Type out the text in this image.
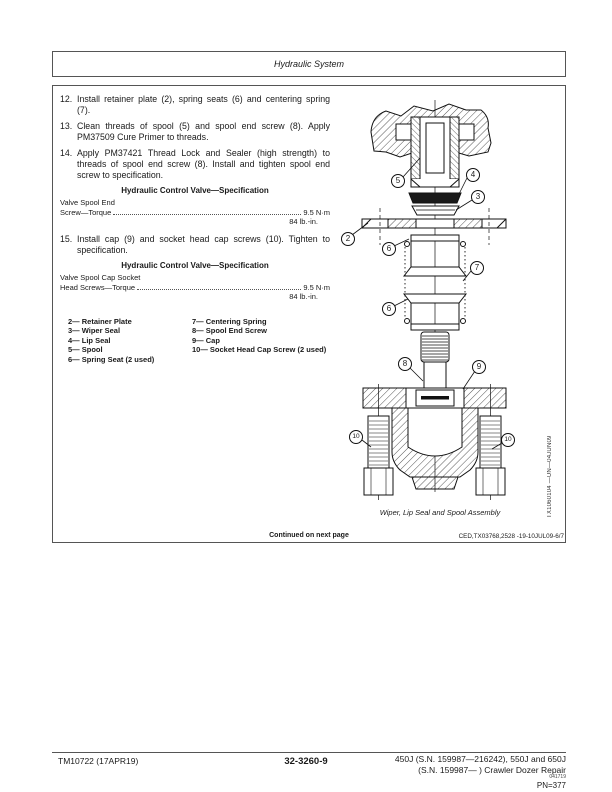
Hydraulic System
12. Install retainer plate (2), spring seats (6) and centering spring (7).
13. Clean threads of spool (5) and spool end screw (8). Apply PM37509 Cure Primer to threads.
14. Apply PM37421 Thread Lock and Sealer (high strength) to threads of spool end screw (8). Install and tighten spool end screw to specification.
Hydraulic Control Valve—Specification
Valve Spool End
Screw—Torque	9.5 N·m
84 lb.-in.
15. Install cap (9) and socket head cap screws (10). Tighten to specification.
Hydraulic Control Valve—Specification
Valve Spool Cap Socket
Head Screws—Torque	9.5 N·m
84 lb.-in.
2— Retainer Plate
3— Wiper Seal
4— Lip Seal
5— Spool
6— Spring Seat (2 used)
7— Centering Spring
8— Spool End Screw
9— Cap
10— Socket Head Cap Screw (2 used)
2
3
4
5
6
6
7
8	9
10	10
Wiper, Lip Seal and Spool Assembly	TX1060104 —UN—04JUN09
Continued on next page	CED,TX03768,2528 -19-10JUL09-6/7
TM10722 (17APR19)	32-3260-9	450J (S.N. 159987—216242), 550J and 650J
(S.N. 159987— ) Crawler Dozer Repair
041719
PN=377
